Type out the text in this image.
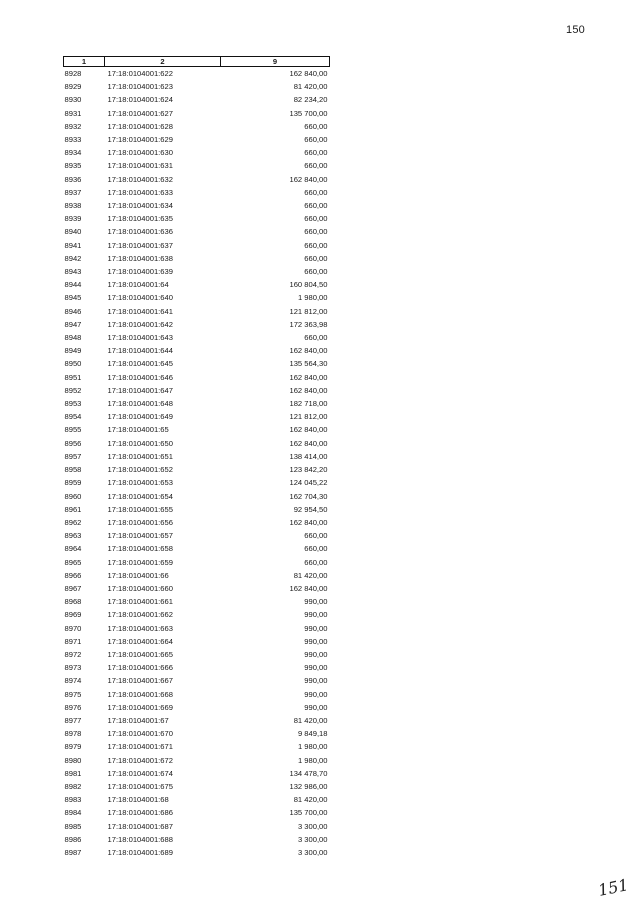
150
1	2	9
8928	17:18:0104001:622	162 840,00
8929	17:18:0104001:623	81 420,00
8930	17:18:0104001:624	82 234,20
8931	17:18:0104001:627	135 700,00
8932	17:18:0104001:628	660,00
8933	17:18:0104001:629	660,00
8934	17:18:0104001:630	660,00
8935	17:18:0104001:631	660,00
8936	17:18:0104001:632	162 840,00
8937	17:18:0104001:633	660,00
8938	17:18:0104001:634	660,00
8939	17:18:0104001:635	660,00
8940	17:18:0104001:636	660,00
8941	17:18:0104001:637	660,00
8942	17:18:0104001:638	660,00
8943	17:18:0104001:639	660,00
8944	17:18:0104001:64	160 804,50
8945	17:18:0104001:640	1 980,00
8946	17:18:0104001:641	121 812,00
8947	17:18:0104001:642	172 363,98
8948	17:18:0104001:643	660,00
8949	17:18:0104001:644	162 840,00
8950	17:18:0104001:645	135 564,30
8951	17:18:0104001:646	162 840,00
8952	17:18:0104001:647	162 840,00
8953	17:18:0104001:648	182 718,00
8954	17:18:0104001:649	121 812,00
8955	17:18:0104001:65	162 840,00
8956	17:18:0104001:650	162 840,00
8957	17:18:0104001:651	138 414,00
8958	17:18:0104001:652	123 842,20
8959	17:18:0104001:653	124 045,22
8960	17:18:0104001:654	162 704,30
8961	17:18:0104001:655	92 954,50
8962	17:18:0104001:656	162 840,00
8963	17:18:0104001:657	660,00
8964	17:18:0104001:658	660,00
8965	17:18:0104001:659	660,00
8966	17:18:0104001:66	81 420,00
8967	17:18:0104001:660	162 840,00
8968	17:18:0104001:661	990,00
8969	17:18:0104001:662	990,00
8970	17:18:0104001:663	990,00
8971	17:18:0104001:664	990,00
8972	17:18:0104001:665	990,00
8973	17:18:0104001:666	990,00
8974	17:18:0104001:667	990,00
8975	17:18:0104001:668	990,00
8976	17:18:0104001:669	990,00
8977	17:18:0104001:67	81 420,00
8978	17:18:0104001:670	9 849,18
8979	17:18:0104001:671	1 980,00
8980	17:18:0104001:672	1 980,00
8981	17:18:0104001:674	134 478,70
8982	17:18:0104001:675	132 986,00
8983	17:18:0104001:68	81 420,00
8984	17:18:0104001:686	135 700,00
8985	17:18:0104001:687	3 300,00
8986	17:18:0104001:688	3 300,00
8987	17:18:0104001:689	3 300,00
151
